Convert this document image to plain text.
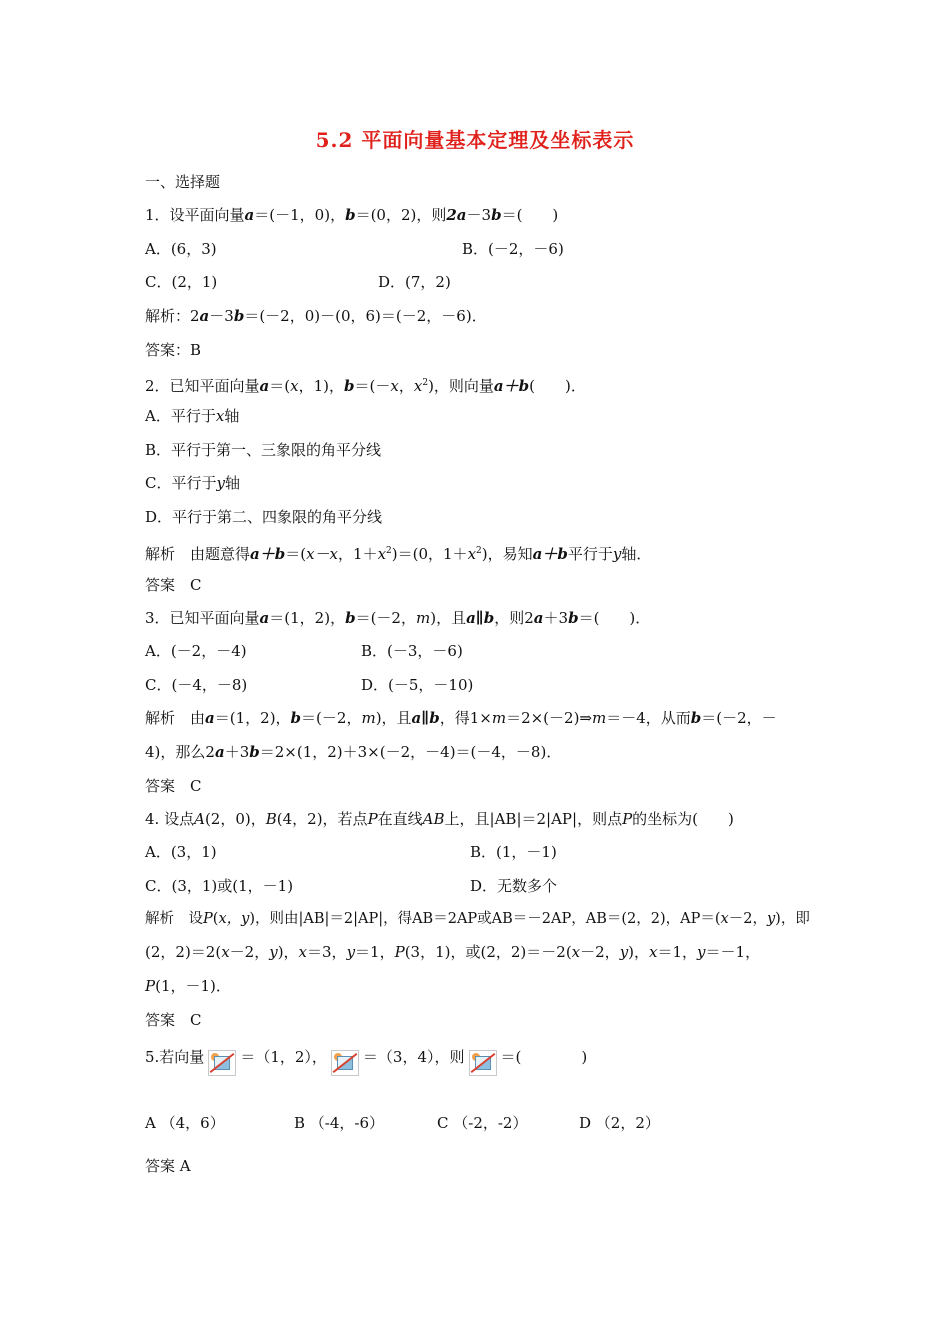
5.2 平面向量基本定理及坐标表示
一、选择题
1．设平面向量a＝(－1，0)，b＝(0，2)，则2a－3b＝(　　)
A．(6，3)	B．(－2，－6)
C．(2，1)	D．(7，2)
解析：2a－3b＝(－2，0)－(0，6)＝(－2，－6)．
答案：B
2．已知平面向量a＝(x，1)，b＝(－x，$x^2$)，则向量a＋b(　　)．
A．平行于x轴
B．平行于第一、三象限的角平分线
C．平行于y轴
D．平行于第二、四象限的角平分线
解析　由题意得a＋b＝(x－x，$1+x^2)=(0$，$1+x^2$)，易知a＋b平行于y轴．
答案　C
3．已知平面向量a＝(1，2)，b＝(－2，m)，且a∥b，则2a＋3b＝(　　)．
A．(－2，－4)	B．(－3，－6)
C．(－4，－8)	D．(－5，－10)
解析　由a＝(1，2)，b＝(－2，m)，且a∥b，得1×m＝2×(－2)⇒m＝－4，从而b＝(－2，－
4)，那么2a＋3b＝2×(1，2)＋3×(－2，－4)＝(－4，－8)．
答案　C
4. 设点A(2，0)，B(4，2)，若点P在直线AB上，且|AB|＝2|AP|，则点P的坐标为(　　)
A．(3，1)	B．(1，－1)
C．(3，1)或(1，－1)	D．无数多个
解析　设P(x，y)，则由|AB|＝2|AP|，得AB＝2AP或AB＝－2AP，AB＝(2，2)，AP＝(x－2，y)，即
(2，2)＝2(x－2，y)，x＝3，y＝1，P(3，1)，或(2，2)＝－2(x－2，y)，x＝1，y＝－1，
P(1，－1)．
答案　C
5.若向量 ＝（1，2）， ＝（3，4），则 ＝(　　　　)
A （4，6）	B （-4，-6）	C （-2，-2）	D （2，2）
答案 A
